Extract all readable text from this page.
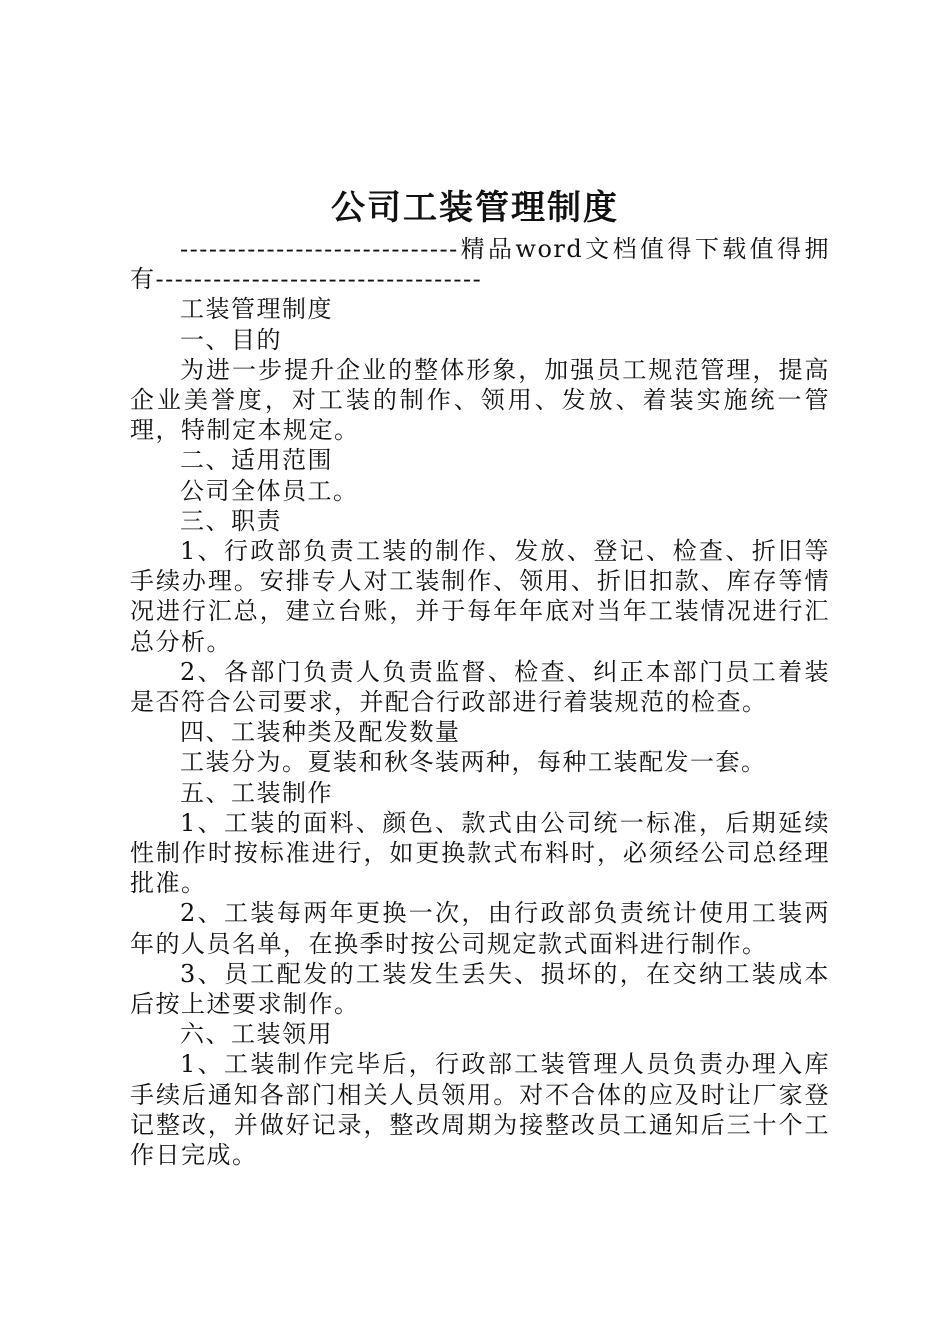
公司工装管理制度

-----------------------------精品word文档值得下载值得拥有----------------------------------

工装管理制度

一、目的

为进一步提升企业的整体形象，加强员工规范管理，提高企业美誉度，对工装的制作、领用、发放、着装实施统一管理，特制定本规定。

二、适用范围

公司全体员工。

三、职责

1、行政部负责工装的制作、发放、登记、检查、折旧等手续办理。安排专人对工装制作、领用、折旧扣款、库存等情况进行汇总，建立台账，并于每年年底对当年工装情况进行汇总分析。

2、各部门负责人负责监督、检查、纠正本部门员工着装是否符合公司要求，并配合行政部进行着装规范的检查。

四、工装种类及配发数量

工装分为。夏装和秋冬装两种，每种工装配发一套。

五、工装制作

1、工装的面料、颜色、款式由公司统一标准，后期延续性制作时按标准进行，如更换款式布料时，必须经公司总经理批准。

2、工装每两年更换一次，由行政部负责统计使用工装两年的人员名单，在换季时按公司规定款式面料进行制作。

3、员工配发的工装发生丢失、损坏的，在交纳工装成本后按上述要求制作。

六、工装领用

1、工装制作完毕后，行政部工装管理人员负责办理入库手续后通知各部门相关人员领用。对不合体的应及时让厂家登记整改，并做好记录，整改周期为接整改员工通知后三十个工作日完成。
